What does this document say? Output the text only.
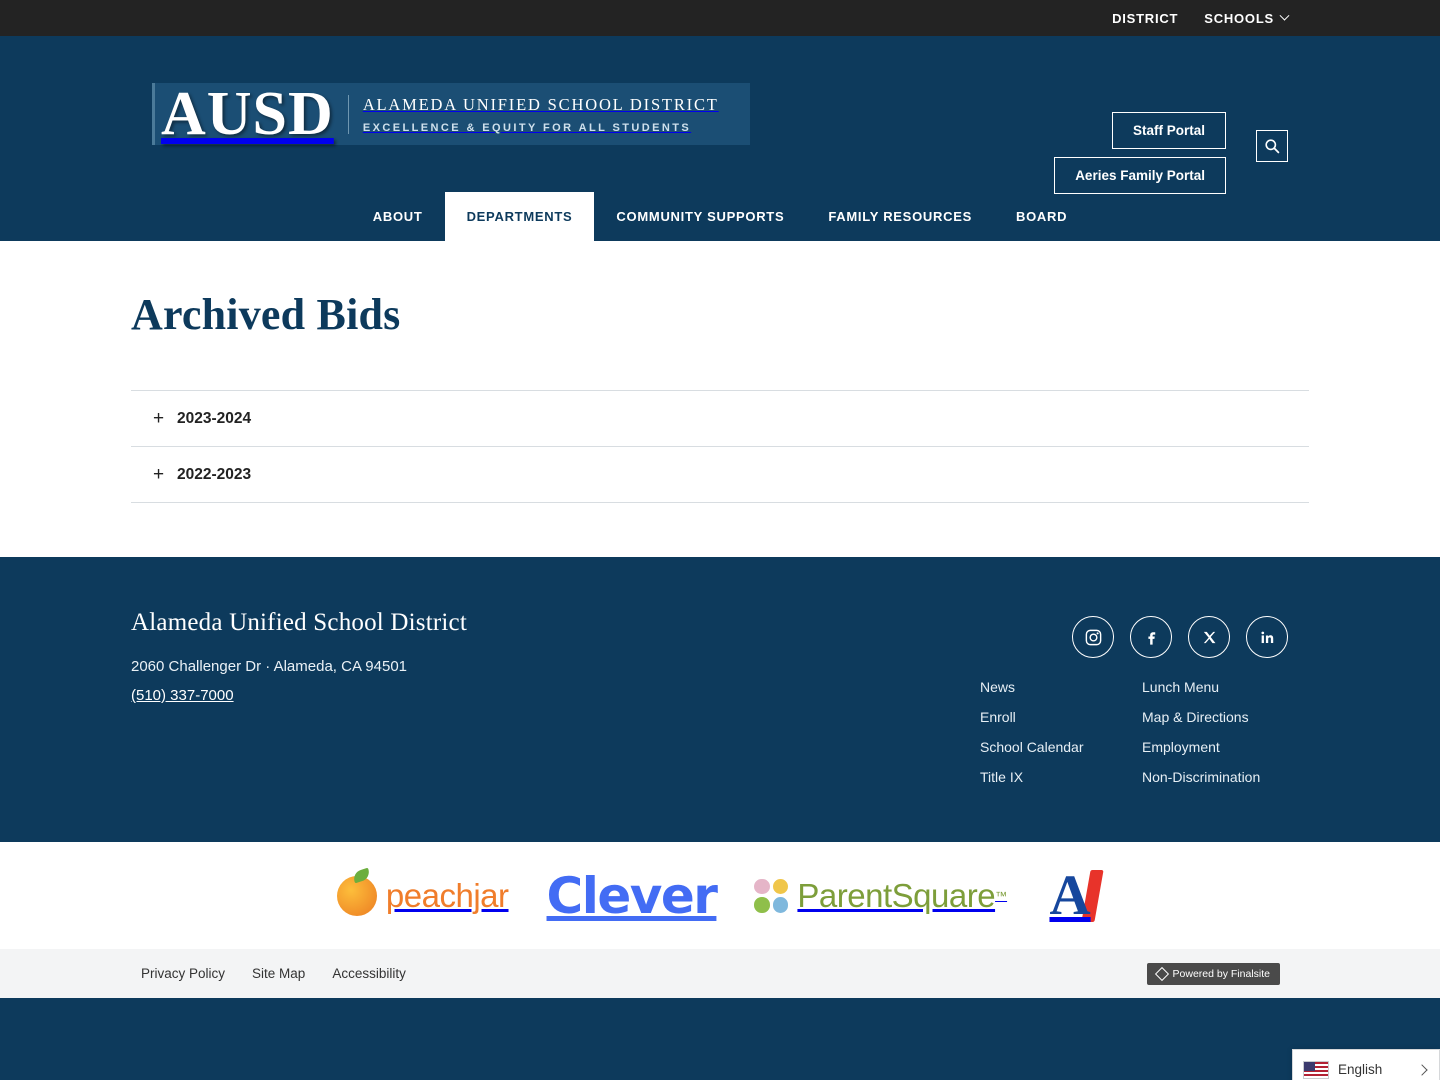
DISTRICT SCHOOLS
AUSD ALAMEDA UNIFIED SCHOOL DISTRICT
EXCELLENCE & EQUITY FOR ALL STUDENTS	Staff Portal
Aeries Family Portal
ABOUT	DEPARTMENTS	COMMUNITY SUPPORTS	FAMILY RESOURCES	BOARD
Archived Bids
+ 2023-2024
+ 2022-2023
Alameda Unified School District
2060 Challenger Dr · Alameda, CA 94501
(510) 337-7000	News	Lunch Menu
Enroll	Map & Directions
School Calendar	Employment
Title IX	Non-Discrimination
peachjar Clever ParentSquare ™ A
Privacy Policy Site Map Accessibility	Powered by Finalsite
English
